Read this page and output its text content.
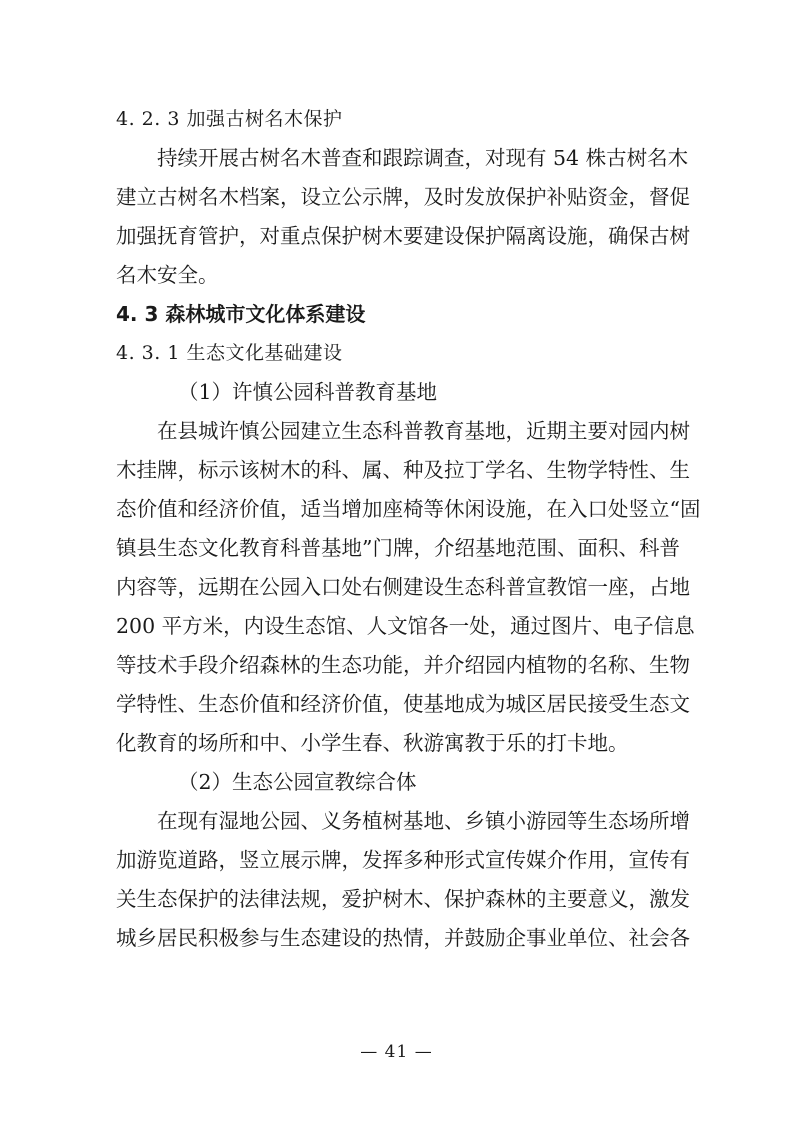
4. 2. 3 加强古树名木保护
持续开展古树名木普查和跟踪调查，对现有 54 株古树名木
建立古树名木档案，设立公示牌，及时发放保护补贴资金，督促
加强抚育管护，对重点保护树木要建设保护隔离设施，确保古树
名木安全。
4. 3 森林城市文化体系建设
4. 3. 1 生态文化基础建设
（1）许慎公园科普教育基地
在县城许慎公园建立生态科普教育基地，近期主要对园内树
木挂牌，标示该树木的科、属、种及拉丁学名、生物学特性、生
态价值和经济价值，适当增加座椅等休闲设施，在入口处竖立“固
镇县生态文化教育科普基地”门牌，介绍基地范围、面积、科普
内容等，远期在公园入口处右侧建设生态科普宣教馆一座，占地
200 平方米，内设生态馆、人文馆各一处，通过图片、电子信息
等技术手段介绍森林的生态功能，并介绍园内植物的名称、生物
学特性、生态价值和经济价值，使基地成为城区居民接受生态文
化教育的场所和中、小学生春、秋游寓教于乐的打卡地。
（2）生态公园宣教综合体
在现有湿地公园、义务植树基地、乡镇小游园等生态场所增
加游览道路，竖立展示牌，发挥多种形式宣传媒介作用，宣传有
关生态保护的法律法规，爱护树木、保护森林的主要意义，激发
城乡居民积极参与生态建设的热情，并鼓励企事业单位、社会各
— 41 —
